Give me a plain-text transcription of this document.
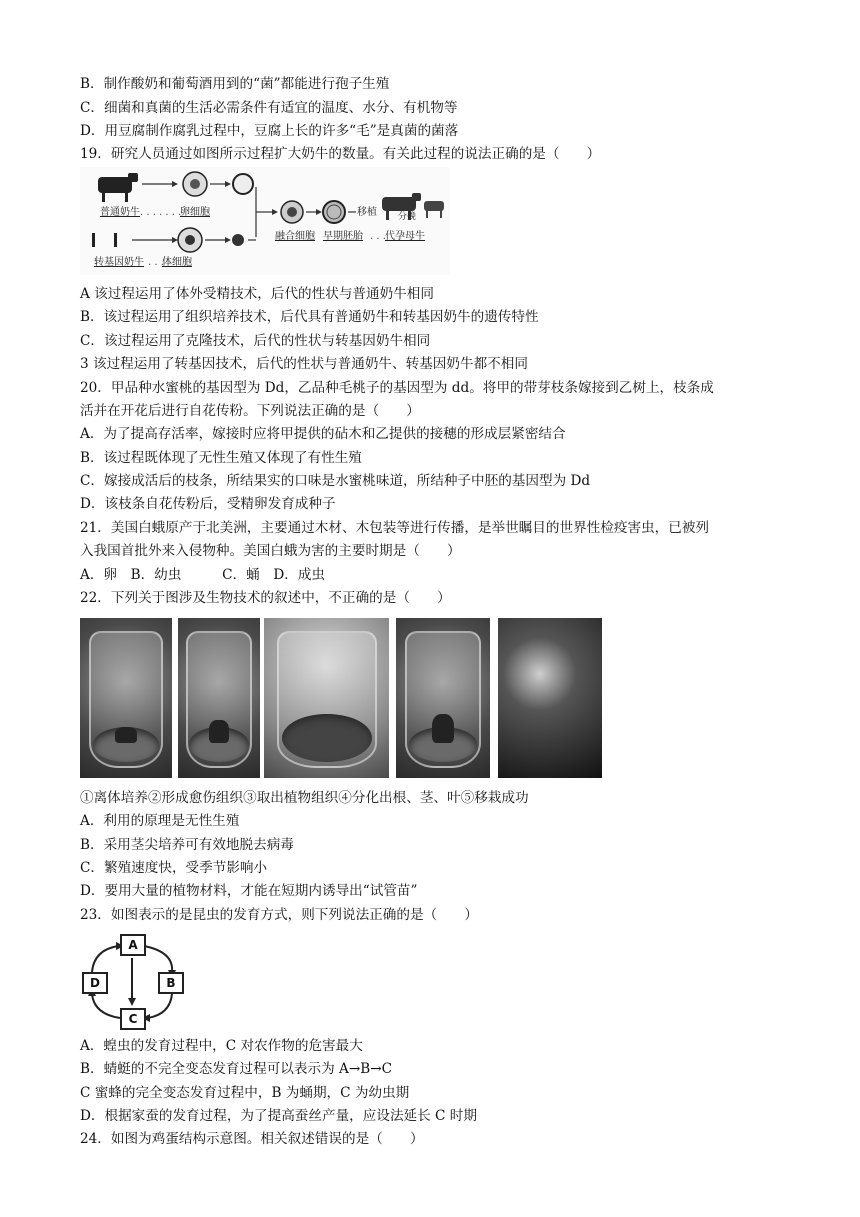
B．制作酸奶和葡萄酒用到的“菌”都能进行孢子生殖
C．细菌和真菌的生活必需条件有适宜的温度、水分、有机物等
D．用豆腐制作腐乳过程中，豆腐上长的许多“毛”是真菌的菌落
19．研究人员通过如图所示过程扩大奶牛的数量。有关此过程的说法正确的是（　　）
普通奶牛 . . . . . . .
卵细胞
转基因奶牛 . . .
体细胞
移植 分娩
融合细胞 早期胚胎 . . . 代孕母牛
A 该过程运用了体外受精技术，后代的性状与普通奶牛相同
B．该过程运用了组织培养技术，后代具有普通奶牛和转基因奶牛的遗传特性
C．该过程运用了克隆技术，后代的性状与转基因奶牛相同
3 该过程运用了转基因技术，后代的性状与普通奶牛、转基因奶牛都不相同
20．甲品种水蜜桃的基因型为 Dd，乙品种毛桃子的基因型为 dd。将甲的带芽枝条嫁接到乙树上，枝条成
活并在开花后进行自花传粉。下列说法正确的是（　　）
A．为了提高存活率，嫁接时应将甲提供的砧木和乙提供的接穗的形成层紧密结合
B．该过程既体现了无性生殖又体现了有性生殖
C．嫁接成活后的枝条，所结果实的口味是水蜜桃味道，所结种子中胚的基因型为 Dd
D．该枝条自花传粉后，受精卵发育成种子
21．美国白蛾原产于北美洲，主要通过木材、木包装等进行传播，是举世瞩目的世界性检疫害虫，已被列
入我国首批外来入侵物种。美国白蛾为害的主要时期是（　　）
A．卵　B．幼虫　　　C．蛹　D．成虫
22．下列关于图涉及生物技术的叙述中，不正确的是（　　）
①离体培养②形成愈伤组织③取出植物组织④分化出根、茎、叶⑤移栽成功
A．利用的原理是无性生殖
B．采用茎尖培养可有效地脱去病毒
C．繁殖速度快，受季节影响小
D．要用大量的植物材料，才能在短期内诱导出“试管苗”
23．如图表示的是昆虫的发育方式，则下列说法正确的是（　　）
A
B
C
D
A．蝗虫的发育过程中，C 对农作物的危害最大
B．蜻蜓的不完全变态发育过程可以表示为 A→B→C
C 蜜蜂的完全变态发育过程中，B 为蛹期，C 为幼虫期
D．根据家蚕的发育过程，为了提高蚕丝产量，应设法延长 C 时期
24．如图为鸡蛋结构示意图。相关叙述错误的是（　　）
